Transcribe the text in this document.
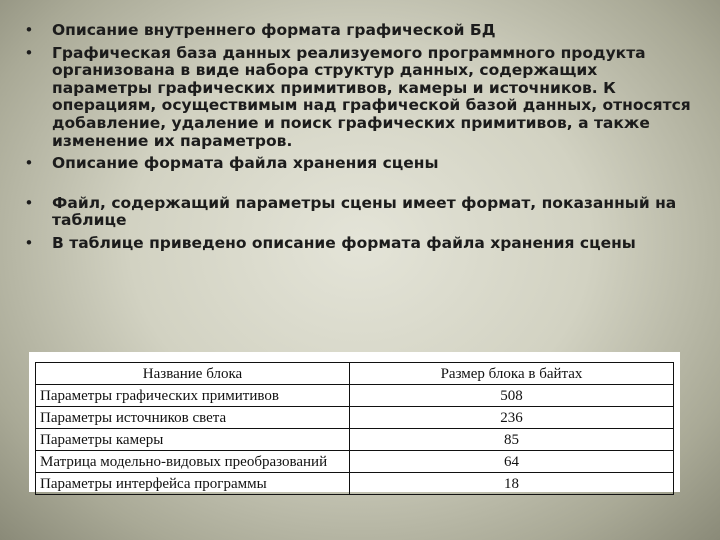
• Описание внутреннего формата графической БД
• Графическая база данных реализуемого программного продукта организована в виде набора структур данных, содержащих параметры графических примитивов, камеры и источников. К операциям, осуществимым над графической базой данных, относятся добавление, удаление и поиск графических примитивов, а также изменение их параметров.
• Описание формата файла хранения сцены
• Файл, содержащий параметры сцены имеет формат, показанный на таблице
• В таблице приведено описание формата файла хранения сцены
Название блока	Размер блока в байтах
Параметры графических примитивов	508
Параметры источников света	236
Параметры камеры	85
Матрица модельно-видовых преобразований	64
Параметры интерфейса программы	18
